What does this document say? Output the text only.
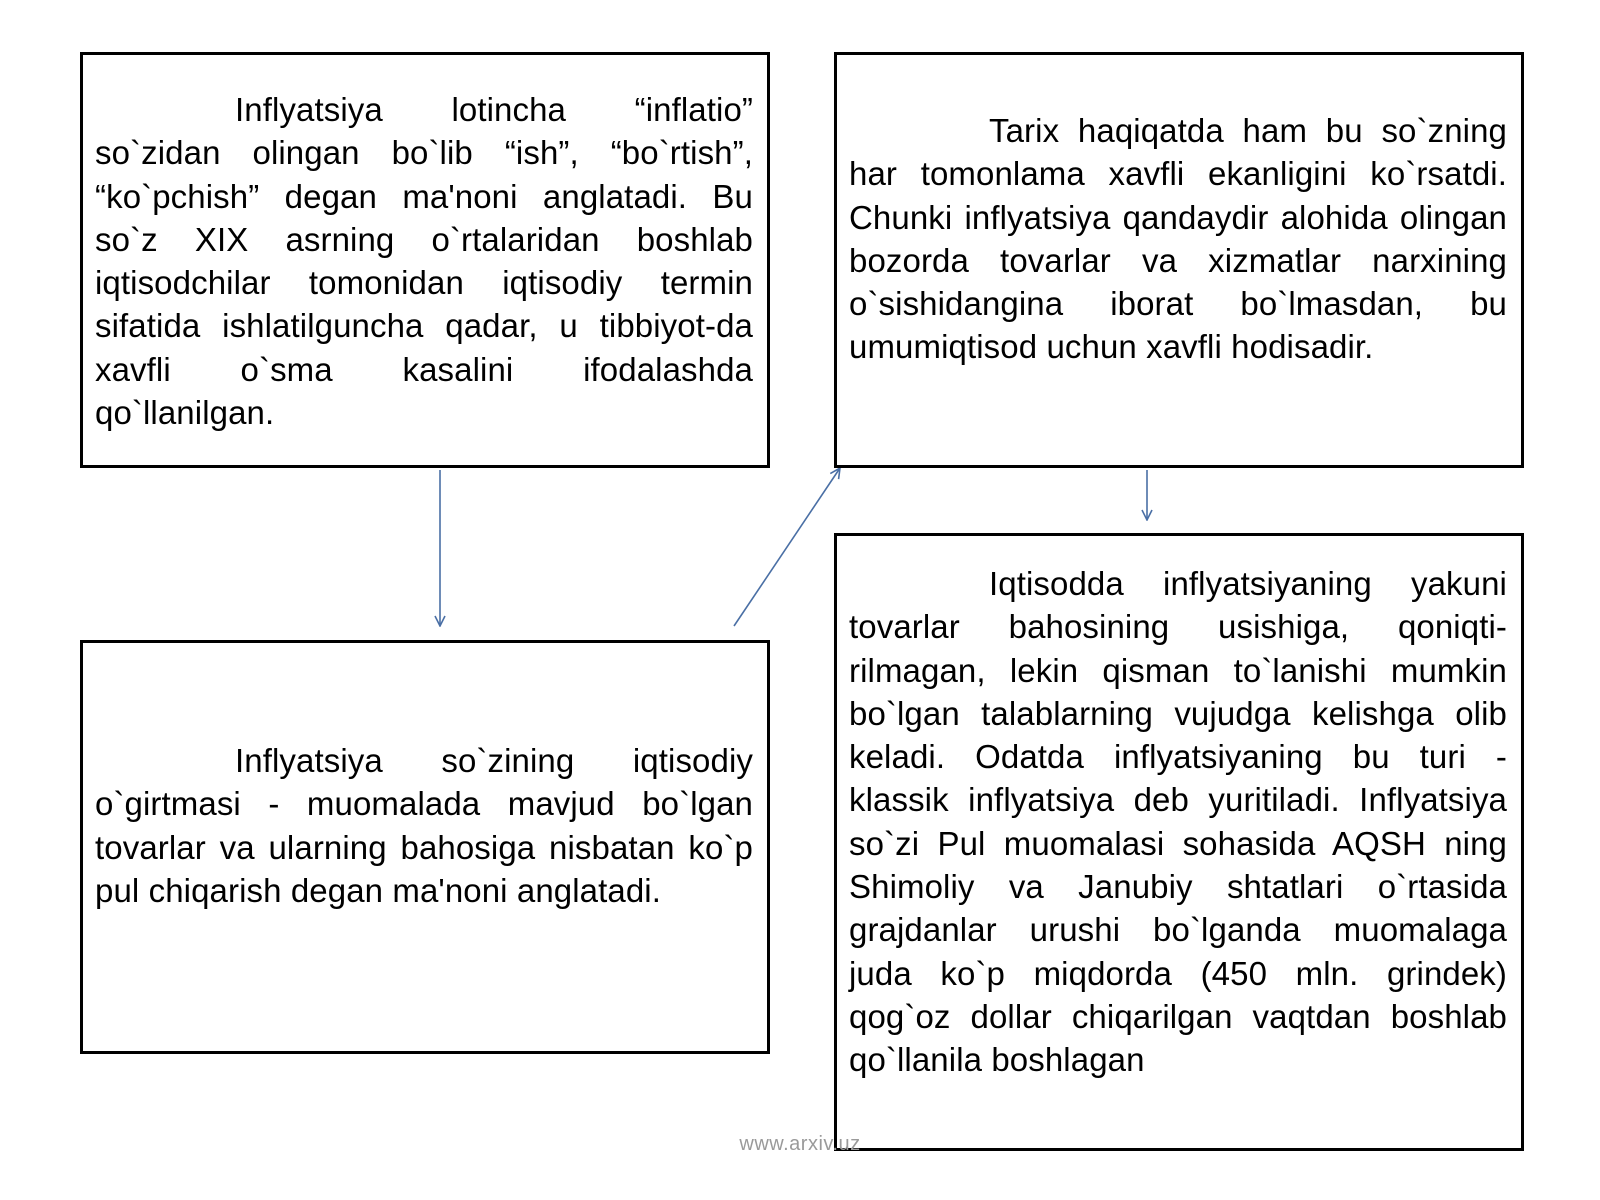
Inflyatsiya lotincha “inflatio” so`zidan olingan bo`lib “ish”, “bo`rtish”, “ko`pchish” degan ma'noni anglatadi. Bu so`z XIX asrning o`rtalaridan boshlab iqtisodchilar tomonidan iqtisodiy termin sifatida ishlatilguncha qadar, u tibbiyot-da xavfli o`sma kasalini ifodalashda qo`llanilgan.

Tarix haqiqatda ham bu so`zning har tomonlama xavfli ekanligini ko`rsatdi. Chunki inflyatsiya qandaydir alohida olingan bozorda tovarlar va xizmatlar narxining o`sishidangina iborat bo`lmasdan, bu umumiqtisod uchun xavfli hodisadir.

Inflyatsiya so`zining iqtisodiy o`girtmasi - muomalada mavjud bo`lgan tovarlar va ularning bahosiga nisbatan ko`p pul chiqarish degan ma'noni anglatadi.

Iqtisodda inflyatsiyaning yakuni tovarlar bahosining usishiga, qoniqti-rilmagan, lekin qisman to`lanishi mumkin bo`lgan talablarning vujudga kelishga olib keladi. Odatda inflyatsiyaning bu turi - klassik inflyatsiya deb yuritiladi. Inflyatsiya so`zi Pul muomalasi sohasida AQSH ning Shimoliy va Janubiy shtatlari o`rtasida grajdanlar urushi bo`lganda muomalaga juda ko`p miqdorda (450 mln. grindek) qog`oz dollar chiqarilgan vaqtdan boshlab qo`llanila boshlagan

www.arxiv.uz
